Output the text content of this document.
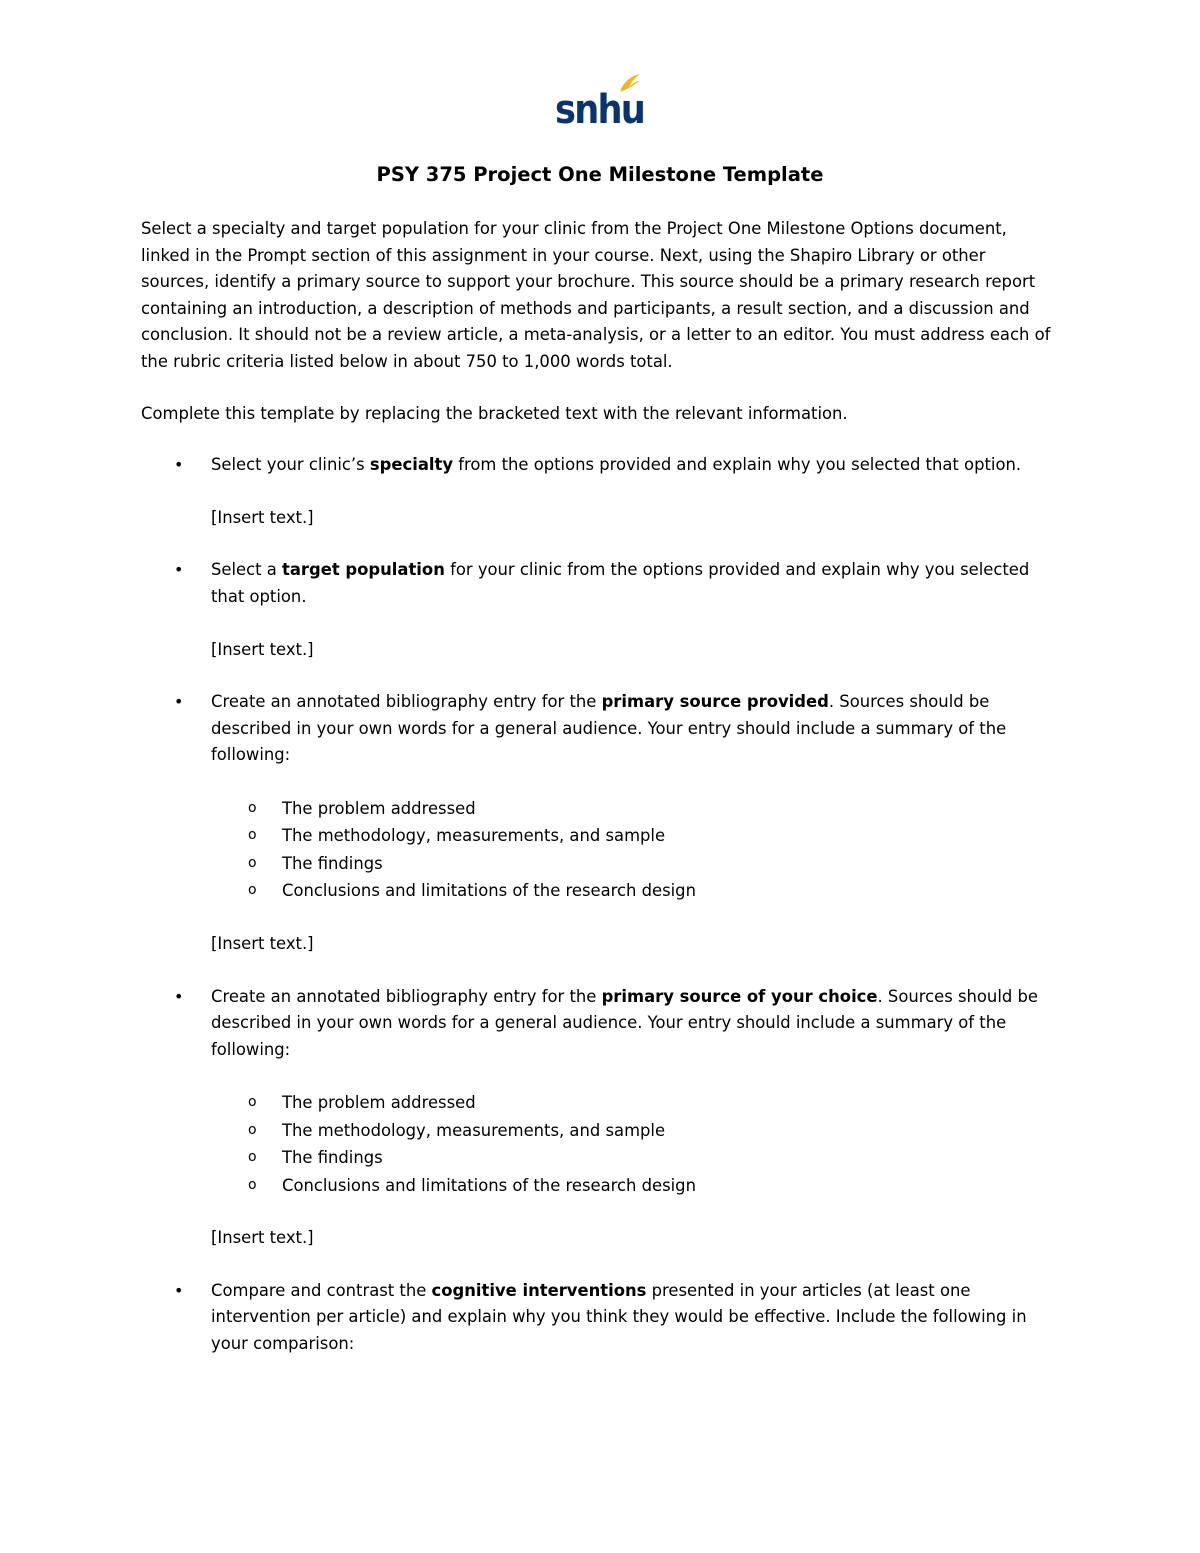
snhu
PSY 375 Project One Milestone Template

Select a specialty and target population for your clinic from the Project One Milestone Options document, linked in the Prompt section of this assignment in your course. Next, using the Shapiro Library or other sources, identify a primary source to support your brochure. This source should be a primary research report containing an introduction, a description of methods and participants, a result section, and a discussion and conclusion. It should not be a review article, a meta-analysis, or a letter to an editor. You must address each of the rubric criteria listed below in about 750 to 1,000 words total.

Complete this template by replacing the bracketed text with the relevant information.

• Select your clinic’s specialty from the options provided and explain why you selected that option.

[Insert text.]

• Select a target population for your clinic from the options provided and explain why you selected that option.

[Insert text.]

• Create an annotated bibliography entry for the primary source provided. Sources should be described in your own words for a general audience. Your entry should include a summary of the following:

o The problem addressed
o The methodology, measurements, and sample
o The findings
o Conclusions and limitations of the research design

[Insert text.]

• Create an annotated bibliography entry for the primary source of your choice. Sources should be described in your own words for a general audience. Your entry should include a summary of the following:

o The problem addressed
o The methodology, measurements, and sample
o The findings
o Conclusions and limitations of the research design

[Insert text.]

• Compare and contrast the cognitive interventions presented in your articles (at least one intervention per article) and explain why you think they would be effective. Include the following in your comparison:
